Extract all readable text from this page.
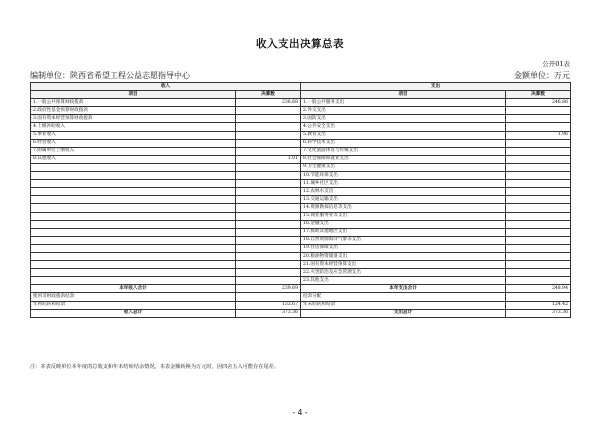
收入支出决算总表
公开01表
编制单位：陕西省希望工程公益志愿指导中心	金额单位：万元
收入		支出	
项目	决算数	项目	决算数
1.一般公共预算财政拨款	238.68	1.一般公共服务支出	246.86
2.政府性基金预算财政拨款		2.外交支出	
3.国有资本经营预算财政拨款		3.国防支出	
4.上级补助收入		4.公共安全支出	
5.事业收入		5.教育支出	1.96
6.经营收入		6.科学技术支出	
7.附属单位上缴收入		7.文化旅游体育与传媒支出	
8.其他收入	1.01	8.社会保障和就业支出	
		9.卫生健康支出	
		10.节能环保支出	
		11.城乡社区支出	
		12.农林水支出	
		13.交通运输支出	
		14.资源勘探信息等支出	
		15.商业服务业等支出	
		16.金融支出	
		17.援助其他地区支出	
		18.自然资源海洋气象等支出	
		19.住房保障支出	
		20.粮油物资储备支出	
		21.国有资本经营预算支出	
		22.灾害防治及应急管理支出	
		23.其他支出	
本年收入合计	239.69	本年支出合计	248.94
使用非财政拨款结余		结余分配	
年初结转和结余	133.67	年末结转和结余	124.42
收入总计	373.36	支出总计	373.36
注：本表反映单位本年度的总收支和年末结转结余情况。本表金额转换为万元时，因四舍五入可能存在尾差。
- 4 -
